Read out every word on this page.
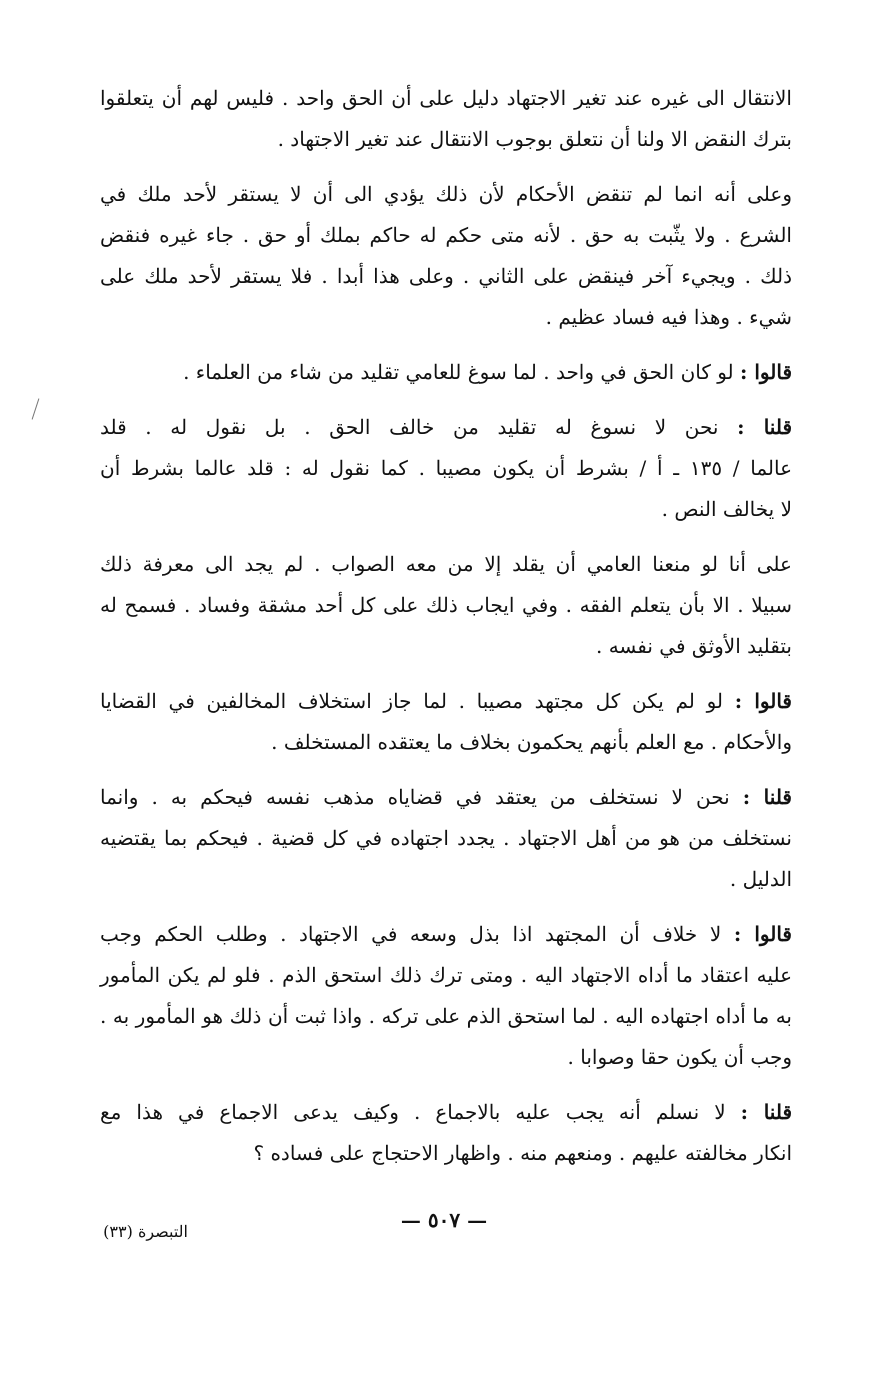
الانتقال الى غيره عند تغير الاجتهاد دليل على أن الحق واحد . فليس لهم أن يتعلقوا
بترك النقض الا ولنا أن نتعلق بوجوب الانتقال عند تغير الاجتهاد .
وعلى أنه انما لم تنقض الأحكام لأن ذلك يؤدي الى أن لا يستقر لأحد ملك في
الشرع . ولا يثّبت به حق . لأنه متى حكم له حاكم بملك أو حق . جاء غيره فنقض
ذلك . ويجيء آخر فينقض على الثاني . وعلى هذا أبدا . فلا يستقر لأحد ملك على
شيء . وهذا فيه فساد عظيم .
قالوا : لو كان الحق في واحد . لما سوغ للعامي تقليد من شاء من العلماء .
قلنا : نحن لا نسوغ له تقليد من خالف الحق . بل نقول له . قلد
عالما / ١٣٥ ـ أ / بشرط أن يكون مصيبا . كما نقول له : قلد عالما بشرط أن
لا يخالف النص .
على أنا لو منعنا العامي أن يقلد إلا من معه الصواب . لم يجد الى معرفة ذلك
سبيلا . الا بأن يتعلم الفقه . وفي ايجاب ذلك على كل أحد مشقة وفساد . فسمح له
بتقليد الأوثق في نفسه .
قالوا : لو لم يكن كل مجتهد مصيبا . لما جاز استخلاف المخالفين في القضايا
والأحكام . مع العلم بأنهم يحكمون بخلاف ما يعتقده المستخلف .
قلنا : نحن لا نستخلف من يعتقد في قضاياه مذهب نفسه فيحكم به . وانما
نستخلف من هو من أهل الاجتهاد . يجدد اجتهاده في كل قضية . فيحكم بما يقتضيه
الدليل .
قالوا : لا خلاف أن المجتهد اذا بذل وسعه في الاجتهاد . وطلب الحكم وجب
عليه اعتقاد ما أداه الاجتهاد اليه . ومتى ترك ذلك استحق الذم . فلو لم يكن المأمور
به ما أداه اجتهاده اليه . لما استحق الذم على تركه . واذا ثبت أن ذلك هو المأمور به .
وجب أن يكون حقا وصوابا .
قلنا : لا نسلم أنه يجب عليه بالاجماع . وكيف يدعى الاجماع في هذا مع
انكار مخالفته عليهم . ومنعهم منه . واظهار الاحتجاج على فساده ؟
— ٥٠٧ —
التبصرة (٣٣)
